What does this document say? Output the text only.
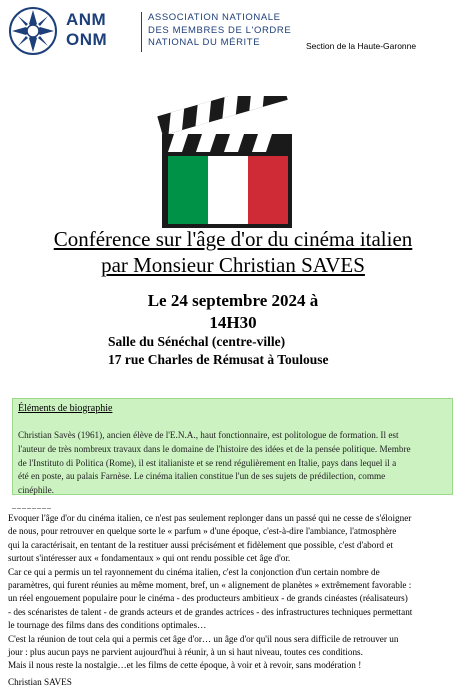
ANM
ONM
ASSOCIATION NATIONALE
DES MEMBRES DE L'ORDRE
NATIONAL DU MÉRITE	Section de la Haute-Garonne
Conférence sur l'âge d'or du cinéma italien
par Monsieur Christian SAVES
Le 24 septembre 2024 à
14H30
Salle du Sénéchal (centre-ville)
17 rue Charles de Rémusat à Toulouse
Éléments de biographie
Christian Savès (1961), ancien élève de l'E.N.A., haut fonctionnaire, est politologue de formation. Il est
l'auteur de très nombreux travaux dans le domaine de l'histoire des idées et de la pensée politique. Membre
de l'Instituto di Politica (Rome), il est italianiste et se rend régulièrement en Italie, pays dans lequel il a
été en poste, au palais Farnèse. Le cinéma italien constitue l'un de ses sujets de prédilection, comme
cinéphile.
________

Evoquer l'âge d'or du cinéma italien, ce n'est pas seulement replonger dans un passé qui ne cesse de s'éloigner

de nous, pour retrouver en quelque sorte le « parfum » d'une époque, c'est-à-dire l'ambiance, l'atmosphère

qui la caractérisait, en tentant de la restituer aussi précisément et fidèlement que possible, c'est d'abord et

surtout s'intéresser aux « fondamentaux » qui ont rendu possible cet âge d'or.

Car ce qui a permis un tel rayonnement du cinéma italien, c'est la conjonction d'un certain nombre de

paramètres, qui furent réunies au même moment, bref, un « alignement de planètes » extrêmement favorable :

un réel engouement populaire pour le cinéma - des producteurs ambitieux - de grands cinéastes (réalisateurs)

- des scénaristes de talent - de grands acteurs et de grandes actrices - des infrastructures techniques permettant

le tournage des films dans des conditions optimales…

C'est la réunion de tout cela qui a permis cet âge d'or… un âge d'or qu'il nous sera difficile de retrouver un

jour : plus aucun pays ne parvient aujourd'hui à réunir, à un si haut niveau, toutes ces conditions.

Mais il nous reste la nostalgie…et les films de cette époque, à voir et à revoir, sans modération !

Christian SAVES
